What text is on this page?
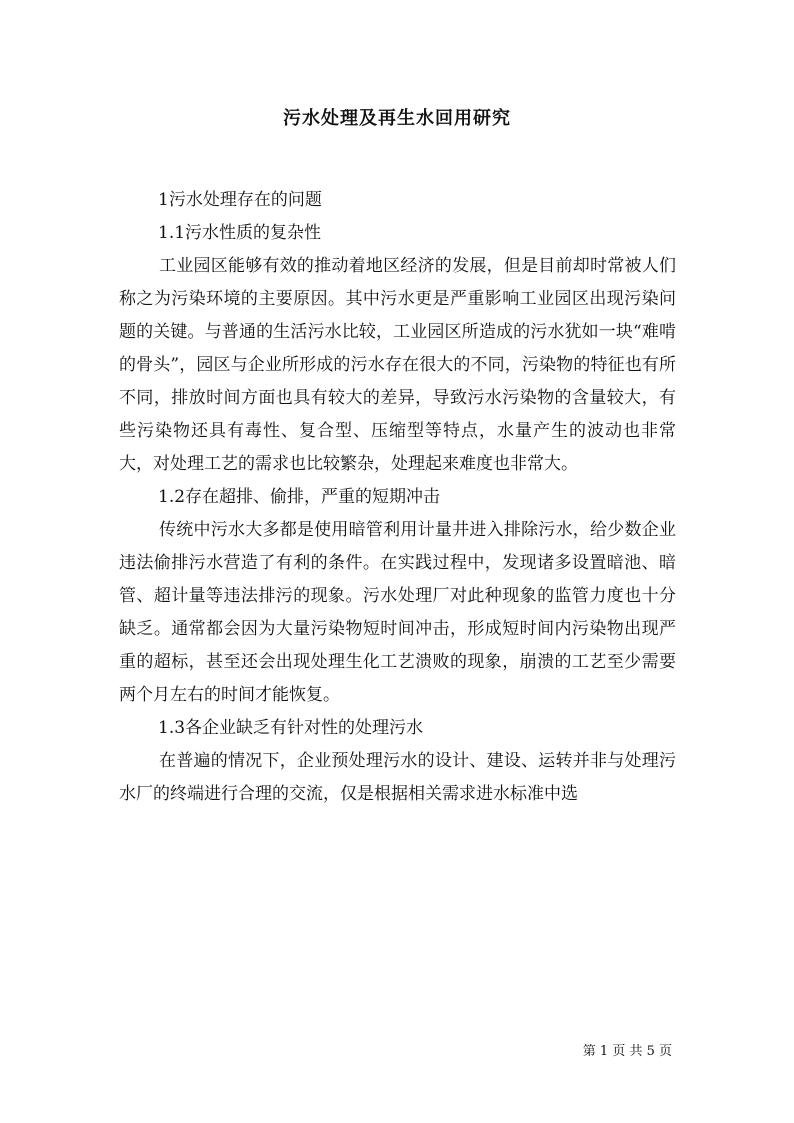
污水处理及再生水回用研究

1污水处理存在的问题

1.1污水性质的复杂性

工业园区能够有效的推动着地区经济的发展，但是目前却时常被人们称之为污染环境的主要原因。其中污水更是严重影响工业园区出现污染问题的关键。与普通的生活污水比较，工业园区所造成的污水犹如一块“难啃的骨头”，园区与企业所形成的污水存在很大的不同，污染物的特征也有所不同，排放时间方面也具有较大的差异，导致污水污染物的含量较大，有些污染物还具有毒性、复合型、压缩型等特点，水量产生的波动也非常大，对处理工艺的需求也比较繁杂，处理起来难度也非常大。

1.2存在超排、偷排，严重的短期冲击

传统中污水大多都是使用暗管利用计量井进入排除污水，给少数企业违法偷排污水营造了有利的条件。在实践过程中，发现诸多设置暗池、暗管、超计量等违法排污的现象。污水处理厂对此种现象的监管力度也十分缺乏。通常都会因为大量污染物短时间冲击，形成短时间内污染物出现严重的超标，甚至还会出现处理生化工艺溃败的现象，崩溃的工艺至少需要两个月左右的时间才能恢复。

1.3各企业缺乏有针对性的处理污水

在普遍的情况下，企业预处理污水的设计、建设、运转并非与处理污水厂的终端进行合理的交流，仅是根据相关需求进水标准中选

第 1 页 共 5 页
